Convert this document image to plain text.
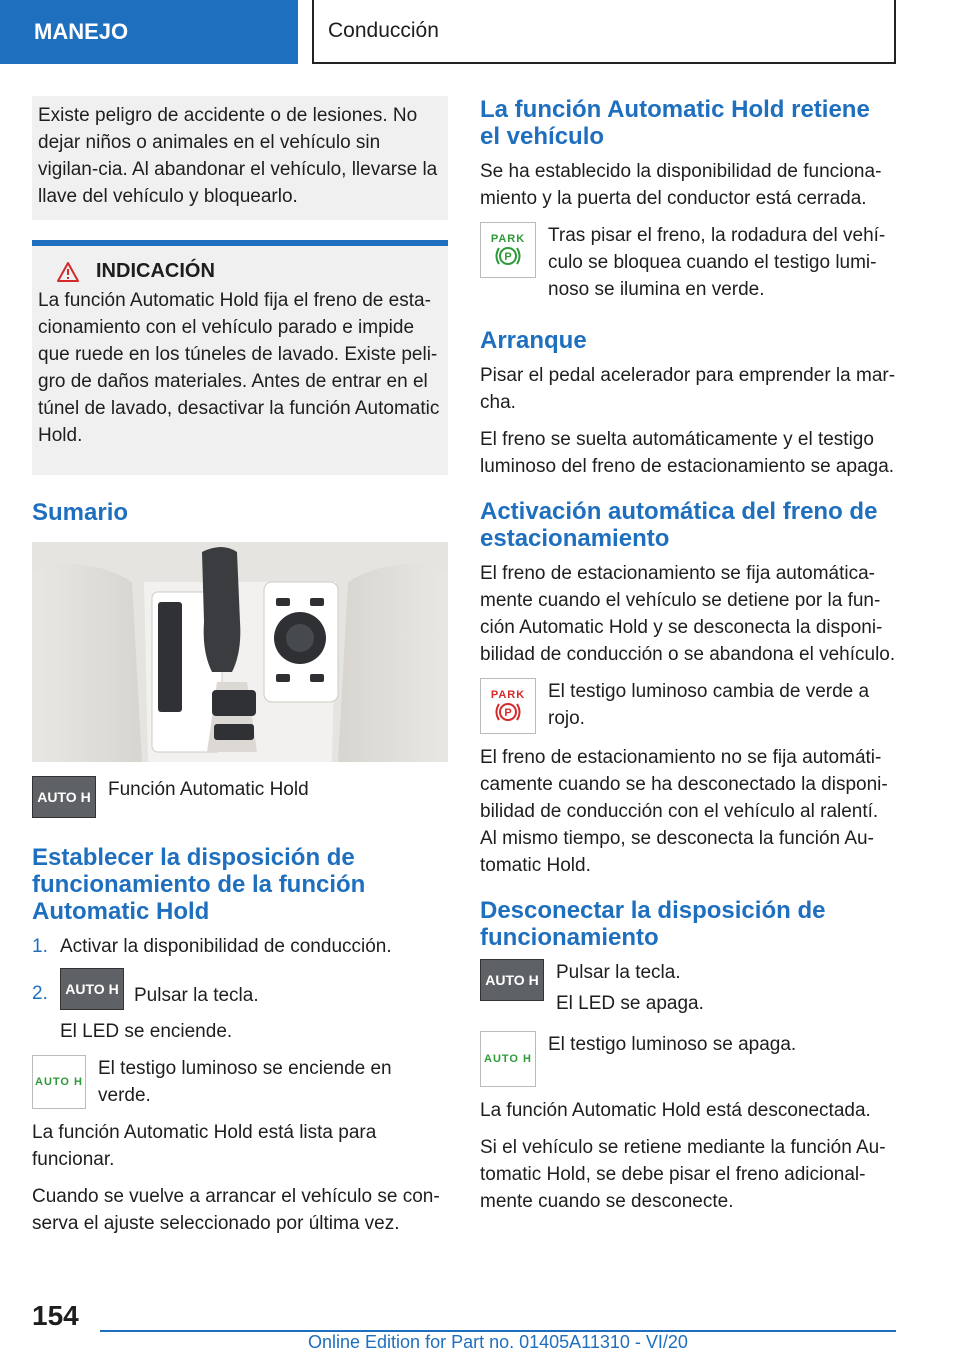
MANEJO	Conducción

Existe peligro de accidente o de lesiones. No dejar niños o animales en el vehículo sin vigilan‐cia. Al abandonar el vehículo, llevarse la llave del vehículo y bloquearlo.

INDICACIÓN

La función Automatic Hold fija el freno de esta‐cionamiento con el vehículo parado e impide que ruede en los túneles de lavado. Existe peli‐gro de daños materiales. Antes de entrar en el túnel de lavado, desactivar la función Automatic Hold.

Sumario
AUTO H Función Automatic Hold

Establecer la disposición de funcionamiento de la función Automatic Hold
1. Activar la disponibilidad de conducción.
2.	AUTO H Pulsar la tecla.

El LED se enciende.

AUTO H

El testigo luminoso se enciende en verde.

La función Automatic Hold está lista para funcionar.

Cuando se vuelve a arrancar el vehículo se con‐serva el ajuste seleccionado por última vez.

La función Automatic Hold retiene el vehículo

Se ha establecido la disponibilidad de funciona‐miento y la puerta del conductor está cerrada.

PARK
P

Tras pisar el freno, la rodadura del vehí‐culo se bloquea cuando el testigo lumi‐noso se ilumina en verde.

Arranque

Pisar el pedal acelerador para emprender la mar‐cha.

El freno se suelta automáticamente y el testigo luminoso del freno de estacionamiento se apaga.

Activación automática del freno de estacionamiento

El freno de estacionamiento se fija automática‐mente cuando el vehículo se detiene por la fun‐ción Automatic Hold y se desconecta la disponi‐bilidad de conducción o se abandona el vehículo.

PARK
P

El testigo luminoso cambia de verde a rojo.

El freno de estacionamiento no se fija automáti‐camente cuando se ha desconectado la disponi‐bilidad de conducción con el vehículo al ralentí. Al mismo tiempo, se desconecta la función Au‐tomatic Hold.

Desconectar la disposición de funcionamiento
AUTO H Pulsar la tecla.

El LED se apaga.

AUTO H

El testigo luminoso se apaga.

La función Automatic Hold está desconectada.

Si el vehículo se retiene mediante la función Au‐tomatic Hold, se debe pisar el freno adicional‐mente cuando se desconecte.

154
Online Edition for Part no. 01405A11310 - VI/20
